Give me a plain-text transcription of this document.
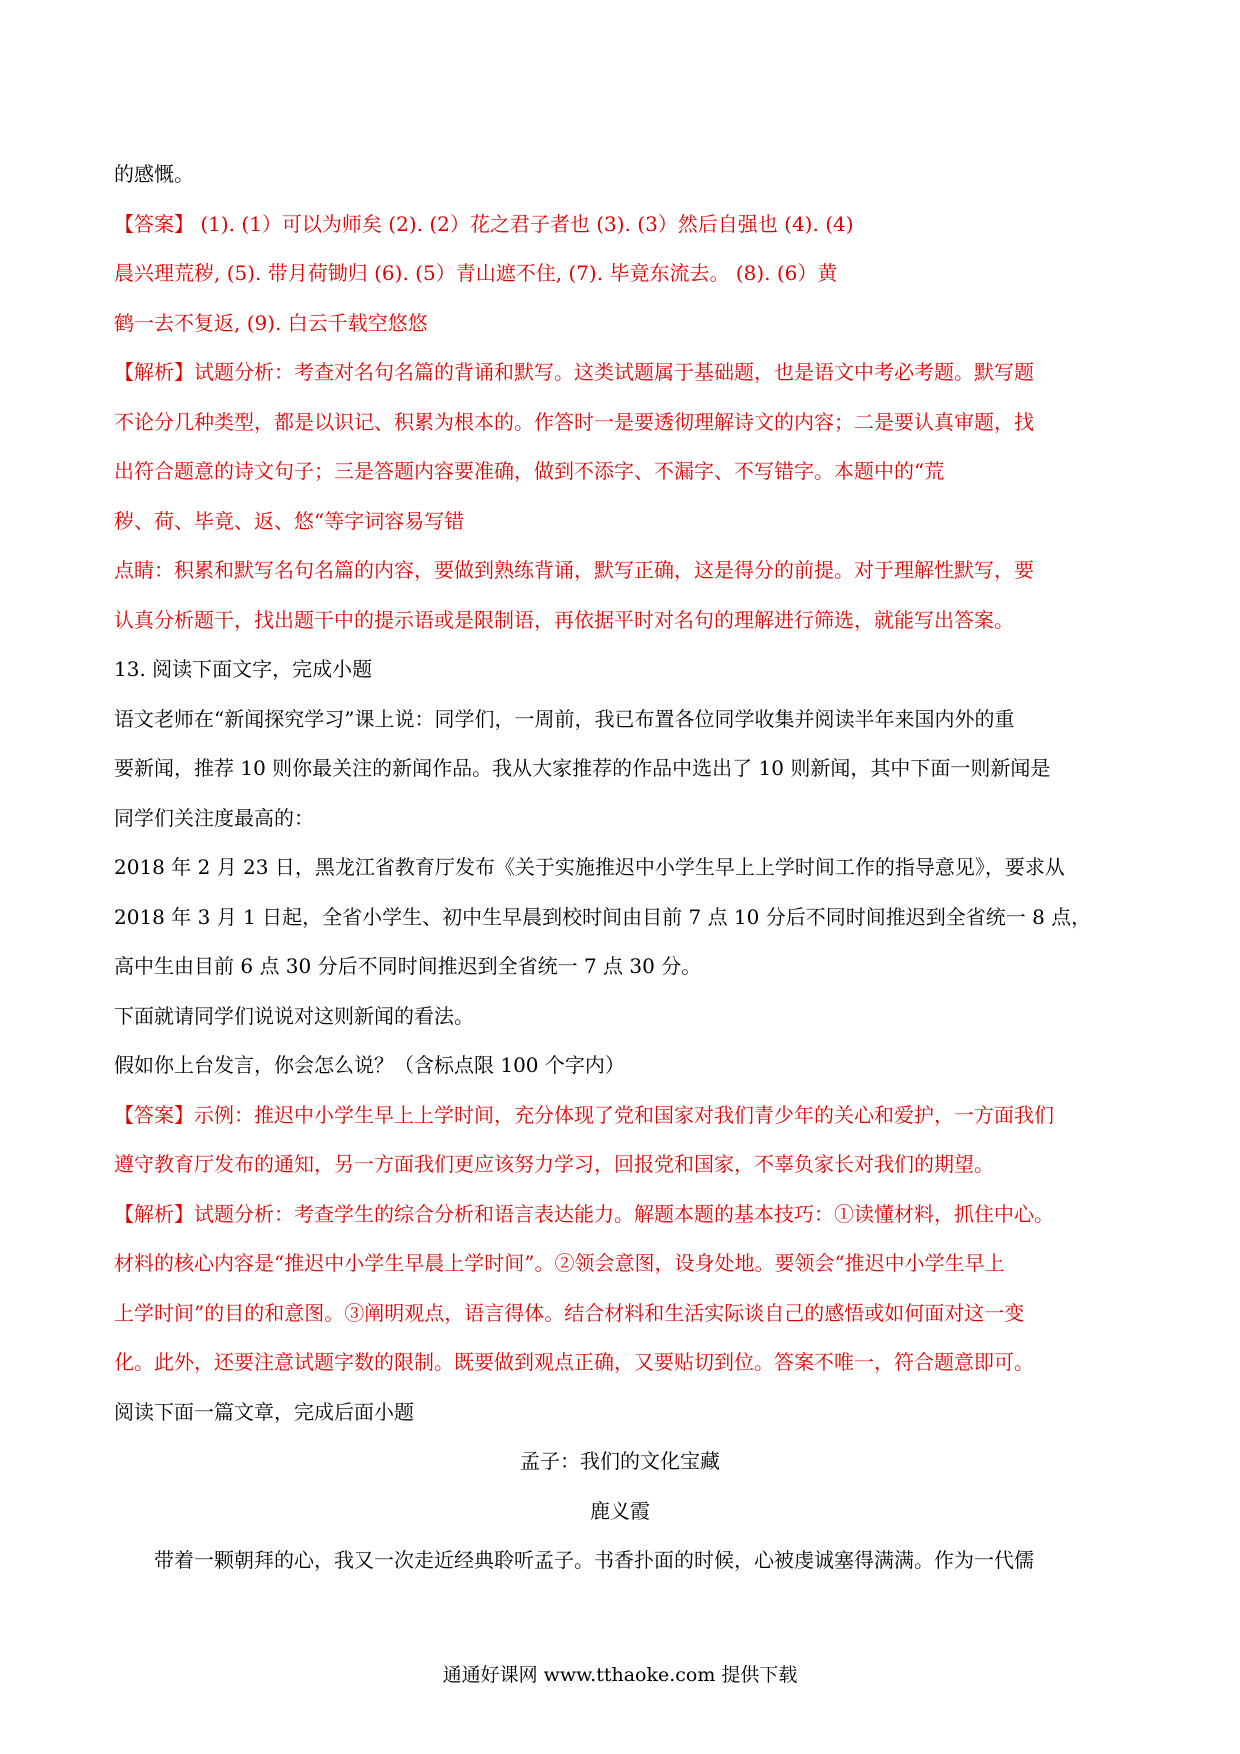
的感慨。
【答案】 (1). (1）可以为师矣 (2). (2）花之君子者也 (3). (3）然后自强也 (4). (4)
晨兴理荒秽, (5). 带月荷锄归 (6). (5）青山遮不住, (7). 毕竟东流去。 (8). (6）黄
鹤一去不复返, (9). 白云千载空悠悠
【解析】试题分析：考查对名句名篇的背诵和默写。这类试题属于基础题，也是语文中考必考题。默写题
不论分几种类型，都是以识记、积累为根本的。作答时一是要透彻理解诗文的内容；二是要认真审题，找
出符合题意的诗文句子；三是答题内容要准确，做到不添字、不漏字、不写错字。本题中的“荒
秽、荷、毕竟、返、悠“等字词容易写错
点睛：积累和默写名句名篇的内容，要做到熟练背诵，默写正确，这是得分的前提。对于理解性默写，要
认真分析题干，找出题干中的提示语或是限制语，再依据平时对名句的理解进行筛选，就能写出答案。
13. 阅读下面文字，完成小题
语文老师在“新闻探究学习”课上说：同学们，一周前，我已布置各位同学收集并阅读半年来国内外的重
要新闻，推荐 10 则你最关注的新闻作品。我从大家推荐的作品中选出了 10 则新闻，其中下面一则新闻是
同学们关注度最高的：
2018 年 2 月 23 日，黑龙江省教育厅发布《关于实施推迟中小学生早上上学时间工作的指导意见》，要求从
2018 年 3 月 1 日起，全省小学生、初中生早晨到校时间由目前 7 点 10 分后不同时间推迟到全省统一 8 点，
高中生由目前 6 点 30 分后不同时间推迟到全省统一 7 点 30 分。
下面就请同学们说说对这则新闻的看法。
假如你上台发言，你会怎么说？（含标点限 100 个字内）
【答案】示例：推迟中小学生早上上学时间，充分体现了党和国家对我们青少年的关心和爱护，一方面我们
遵守教育厅发布的通知，另一方面我们更应该努力学习，回报党和国家，不辜负家长对我们的期望。
【解析】试题分析：考查学生的综合分析和语言表达能力。解题本题的基本技巧：①读懂材料，抓住中心。
材料的核心内容是“推迟中小学生早晨上学时间”。②领会意图，设身处地。要领会“推迟中小学生早上
上学时间”的目的和意图。③阐明观点，语言得体。结合材料和生活实际谈自己的感悟或如何面对这一变
化。此外，还要注意试题字数的限制。既要做到观点正确，又要贴切到位。答案不唯一，符合题意即可。
阅读下面一篇文章，完成后面小题
孟子：我们的文化宝藏
鹿义霞
带着一颗朝拜的心，我又一次走近经典聆听孟子。书香扑面的时候，心被虔诚塞得满满。作为一代儒
通通好课网 www.tthaoke.com 提供下载
